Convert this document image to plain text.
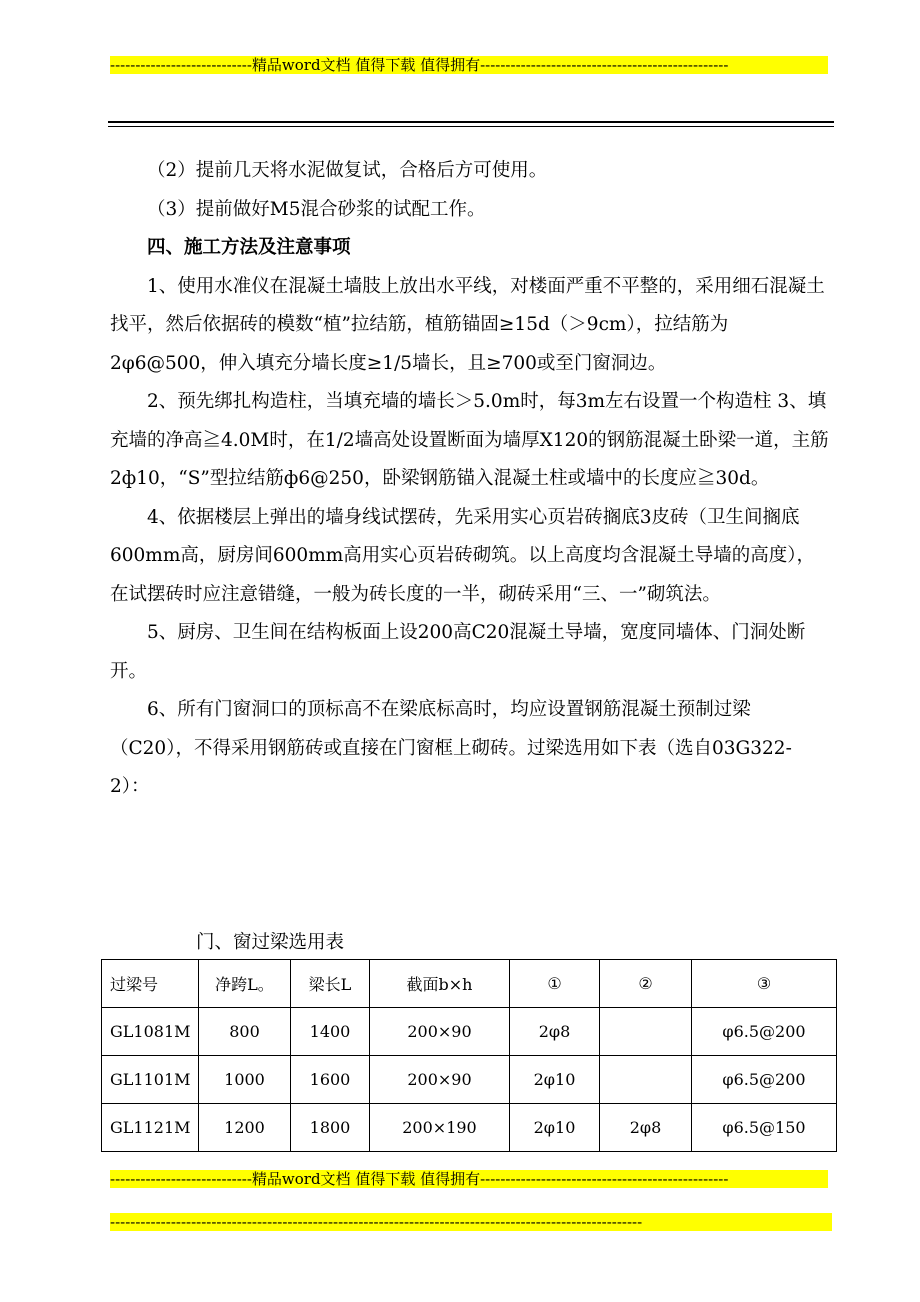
----------------------------精品word文档 值得下载 值得拥有-------------------------------------------------

（2）提前几天将水泥做复试，合格后方可使用。

（3）提前做好M5混合砂浆的试配工作。

四、施工方法及注意事项

1、使用水准仪在混凝土墙肢上放出水平线，对楼面严重不平整的，采用细石混凝土找平，然后依据砖的模数“植”拉结筋，植筋锚固≥15d（＞9cm），拉结筋为2φ6@500，伸入填充分墙长度≥1/5墙长，且≥700或至门窗洞边。

2、预先绑扎构造柱，当填充墙的墙长＞5.0m时，每3m左右设置一个构造柱 3、填充墙的净高≧4.0M时，在1/2墙高处设置断面为墙厚X120的钢筋混凝土卧梁一道，主筋2ф10，“S”型拉结筋ф6@250，卧梁钢筋锚入混凝土柱或墙中的长度应≧30d。

4、依据楼层上弹出的墙身线试摆砖，先采用实心页岩砖搁底3皮砖（卫生间搁底600mm高，厨房间600mm高用实心页岩砖砌筑。以上高度均含混凝土导墙的高度），在试摆砖时应注意错缝，一般为砖长度的一半，砌砖采用“三、一”砌筑法。

5、厨房、卫生间在结构板面上设200高C20混凝土导墙，宽度同墙体、门洞处断开。

6、所有门窗洞口的顶标高不在梁底标高时，均应设置钢筋混凝土预制过梁（C20），不得采用钢筋砖或直接在门窗框上砌砖。过梁选用如下表（选自03G322-2）：

门、窗过梁选用表
过梁号	净跨L。	梁长L	截面b×h	①	②	③
GL1081M	800	1400	200×90	2φ8		φ6.5@200
GL1101M	1000	1600	200×90	2φ10		φ6.5@200
GL1121M	1200	1800	200×190	2φ10	2φ8	φ6.5@150
----------------------------精品word文档 值得下载 值得拥有-------------------------------------------------
---------------------------------------------------------------------------------------------------------
